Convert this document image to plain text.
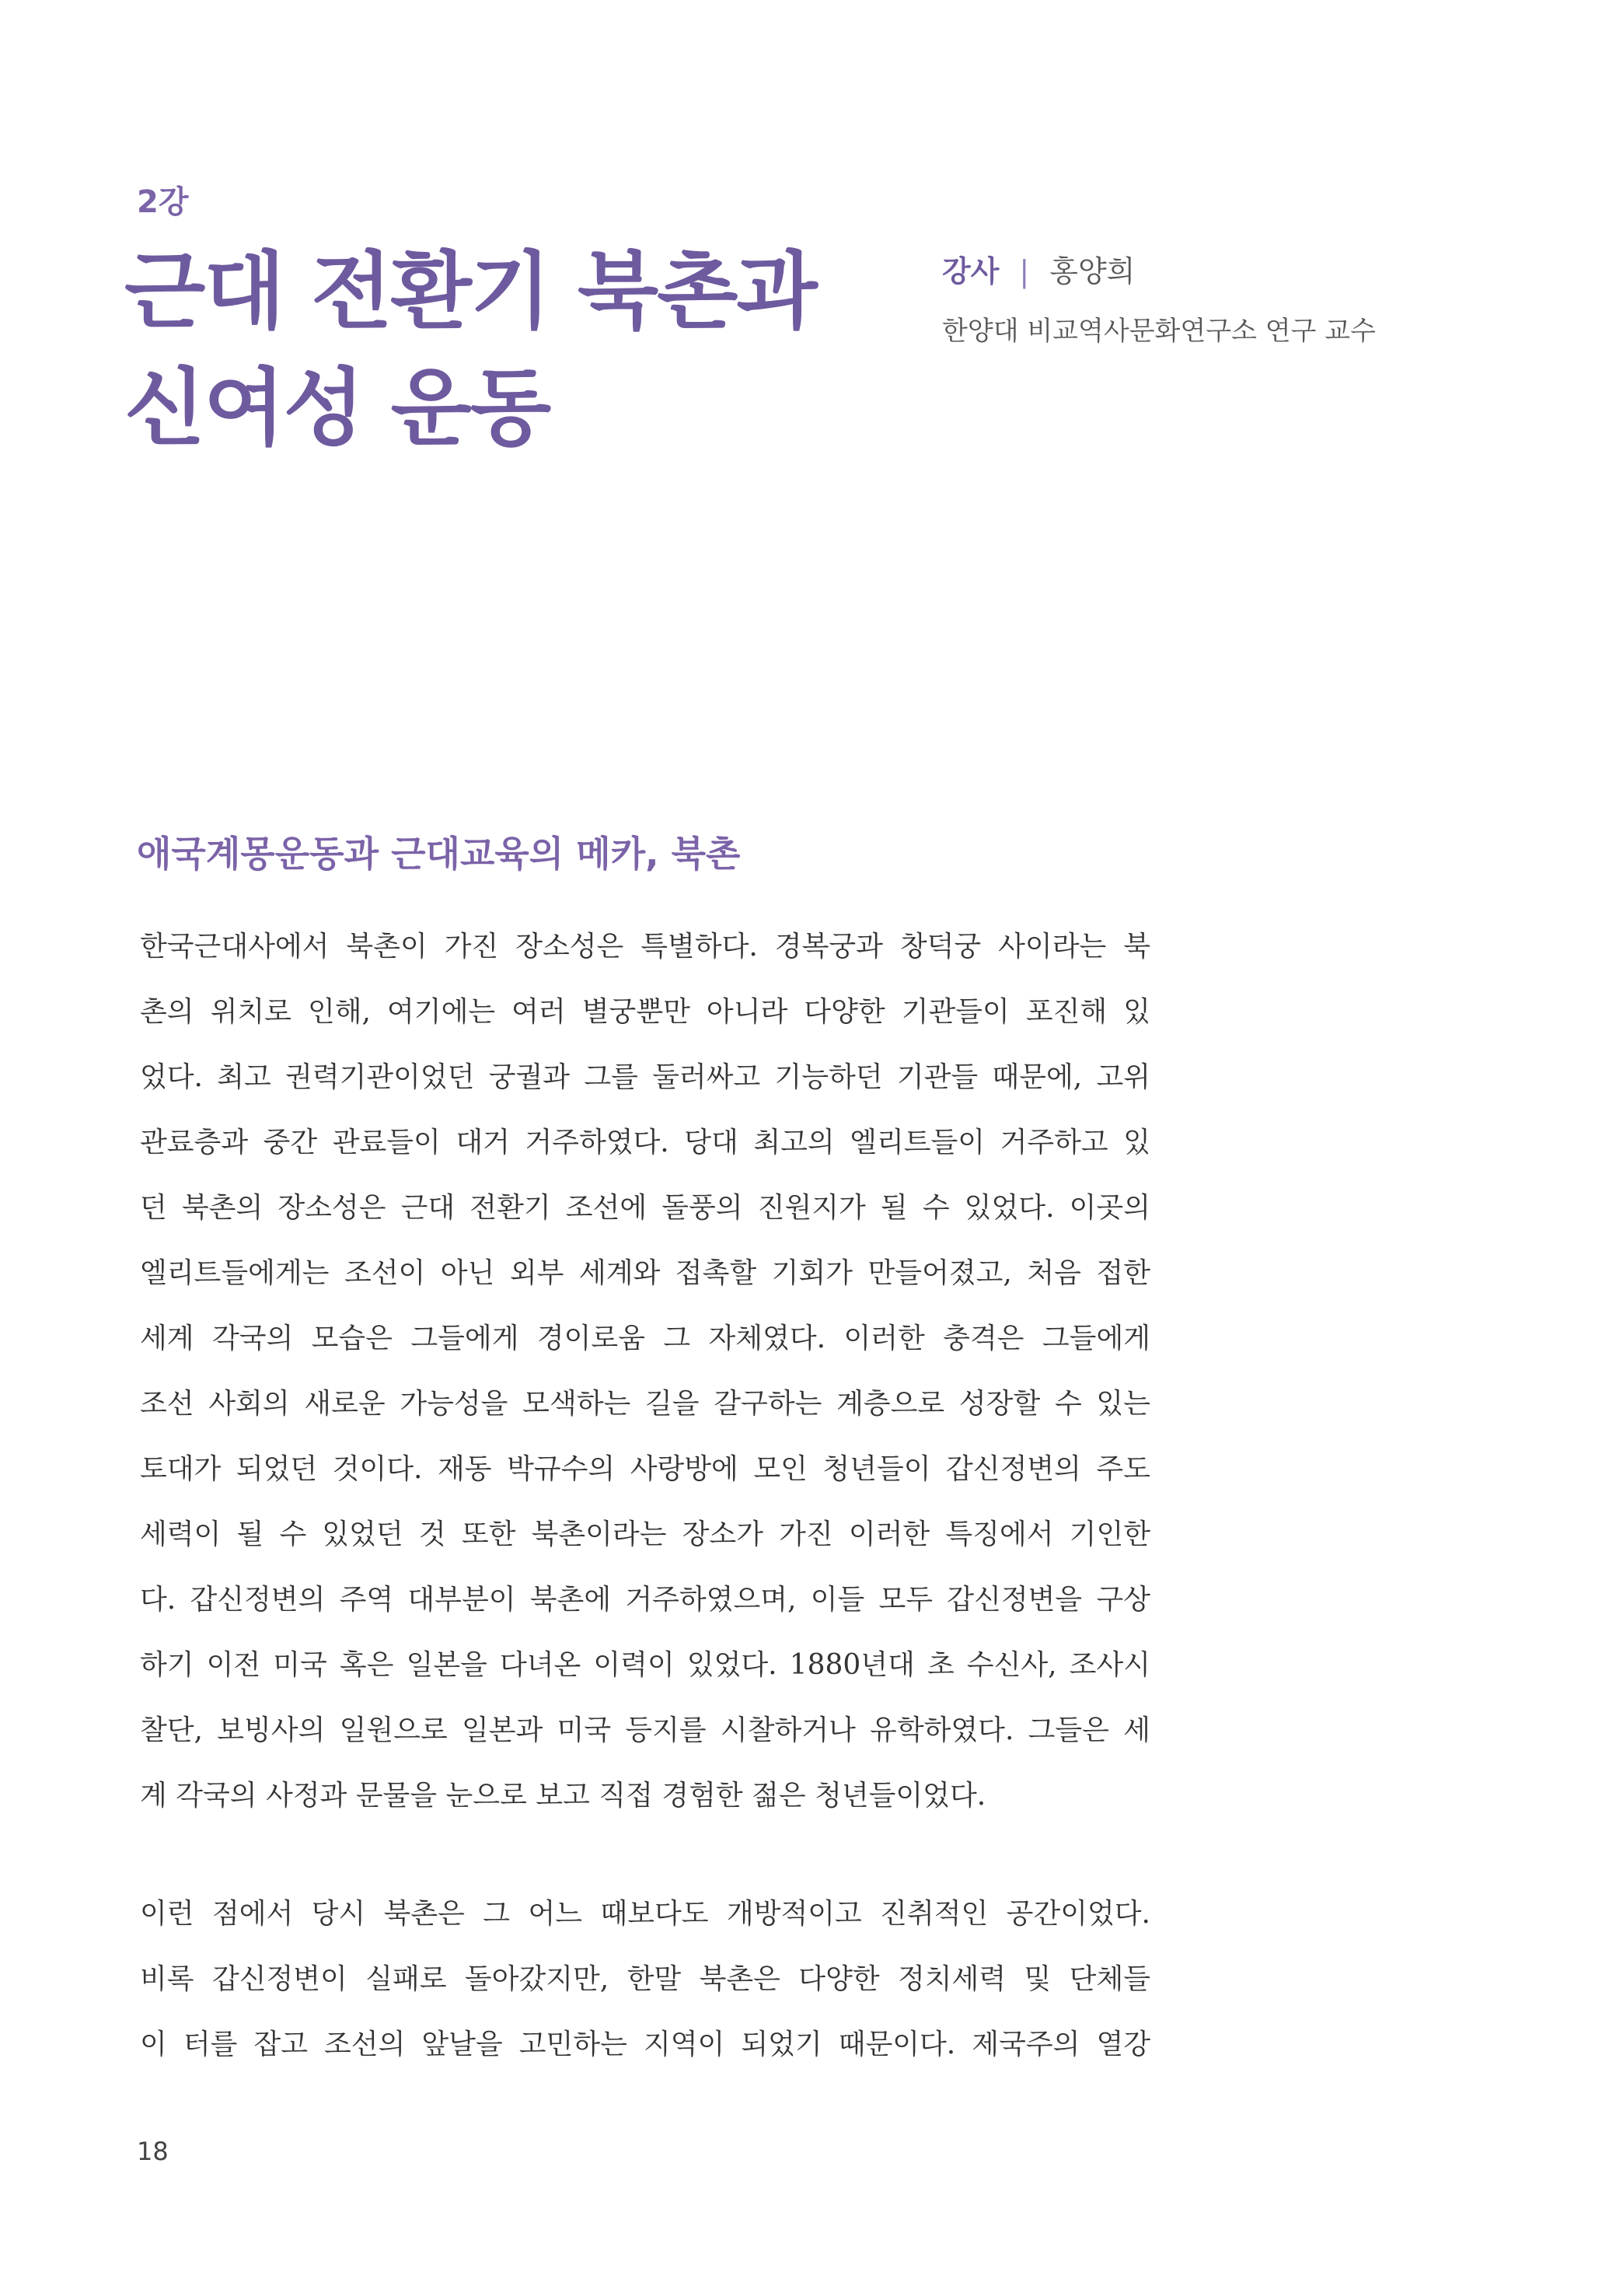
2강
근대 전환기 북촌과
신여성 운동
강사 | 홍양희
한양대 비교역사문화연구소 연구 교수
애국계몽운동과 근대교육의 메카, 북촌
한국근대사에서 북촌이 가진 장소성은 특별하다. 경복궁과 창덕궁 사이라는 북
촌의 위치로 인해, 여기에는 여러 별궁뿐만 아니라 다양한 기관들이 포진해 있
었다. 최고 권력기관이었던 궁궐과 그를 둘러싸고 기능하던 기관들 때문에, 고위
관료층과 중간 관료들이 대거 거주하였다. 당대 최고의 엘리트들이 거주하고 있
던 북촌의 장소성은 근대 전환기 조선에 돌풍의 진원지가 될 수 있었다. 이곳의
엘리트들에게는 조선이 아닌 외부 세계와 접촉할 기회가 만들어졌고, 처음 접한
세계 각국의 모습은 그들에게 경이로움 그 자체였다. 이러한 충격은 그들에게
조선 사회의 새로운 가능성을 모색하는 길을 갈구하는 계층으로 성장할 수 있는
토대가 되었던 것이다. 재동 박규수의 사랑방에 모인 청년들이 갑신정변의 주도
세력이 될 수 있었던 것 또한 북촌이라는 장소가 가진 이러한 특징에서 기인한
다. 갑신정변의 주역 대부분이 북촌에 거주하였으며, 이들 모두 갑신정변을 구상
하기 이전 미국 혹은 일본을 다녀온 이력이 있었다. 1880년대 초 수신사, 조사시
찰단, 보빙사의 일원으로 일본과 미국 등지를 시찰하거나 유학하였다. 그들은 세
계 각국의 사정과 문물을 눈으로 보고 직접 경험한 젊은 청년들이었다.
이런 점에서 당시 북촌은 그 어느 때보다도 개방적이고 진취적인 공간이었다.
비록 갑신정변이 실패로 돌아갔지만, 한말 북촌은 다양한 정치세력 및 단체들
이 터를 잡고 조선의 앞날을 고민하는 지역이 되었기 때문이다. 제국주의 열강
18
